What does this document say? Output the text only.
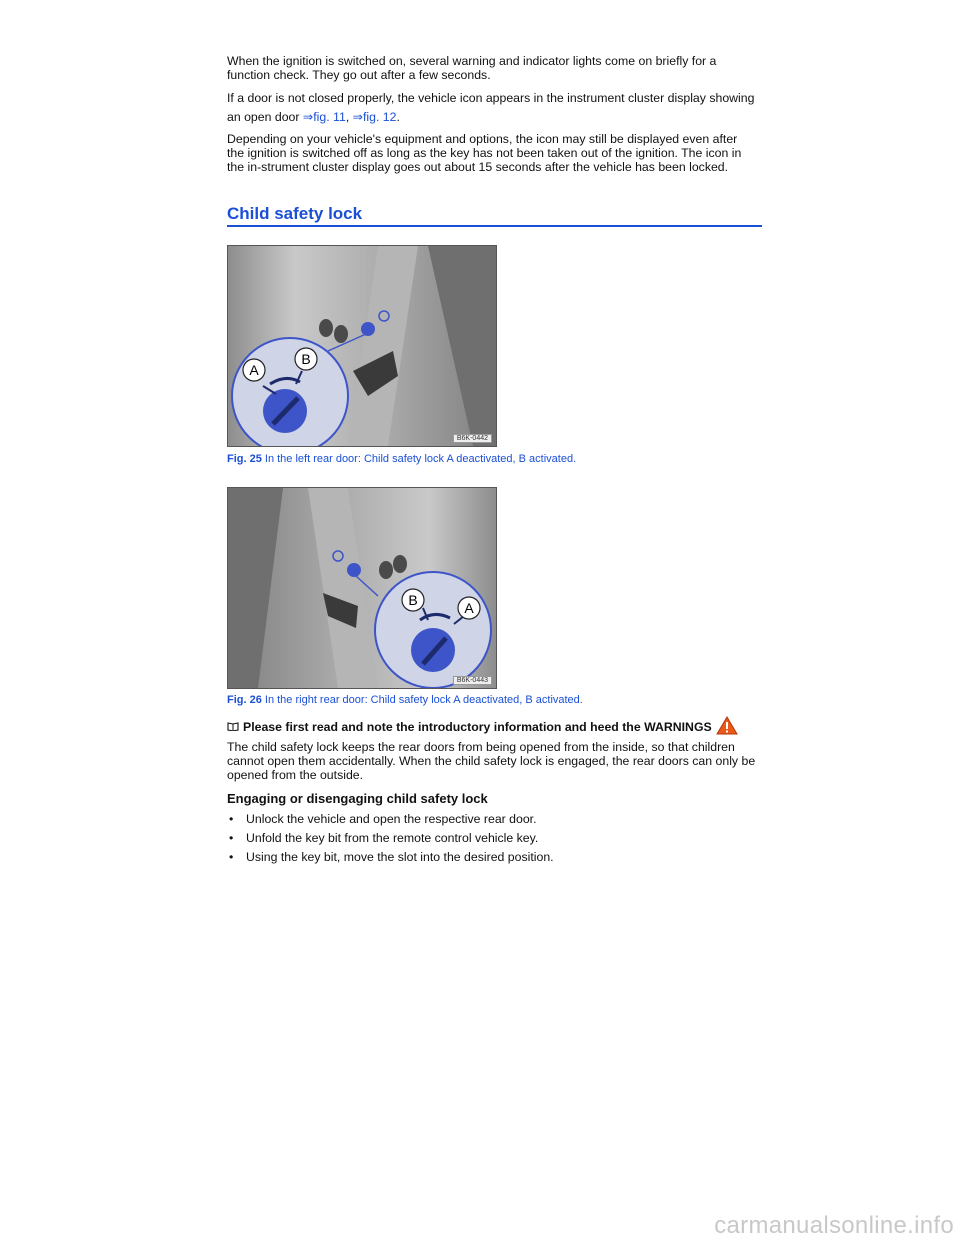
When the ignition is switched on, several warning and indicator lights come on briefly for a function check. They go out after a few seconds.
If a door is not closed properly, the vehicle icon appears in the instrument cluster display showing an open door ⇒fig. 11, ⇒fig. 12.
Depending on your vehicle's equipment and options, the icon may still be displayed even after the ignition is switched off as long as the key has not been taken out of the ignition. The icon in the in-strument cluster display goes out about 15 seconds after the vehicle has been locked.
Child safety lock
A
B
B6K-0442
Fig. 25 In the left rear door: Child safety lock A deactivated, B activated.
B	A
B6K-0443
Fig. 26 In the right rear door: Child safety lock A deactivated, B activated.
Please first read and note the introductory information and heed the WARNINGS
The child safety lock keeps the rear doors from being opened from the inside, so that children cannot open them accidentally. When the child safety lock is engaged, the rear doors can only be opened from the outside.
Engaging or disengaging child safety lock
• Unlock the vehicle and open the respective rear door.
• Unfold the key bit from the remote control vehicle key.
• Using the key bit, move the slot into the desired position.
carmanualsonline.info
